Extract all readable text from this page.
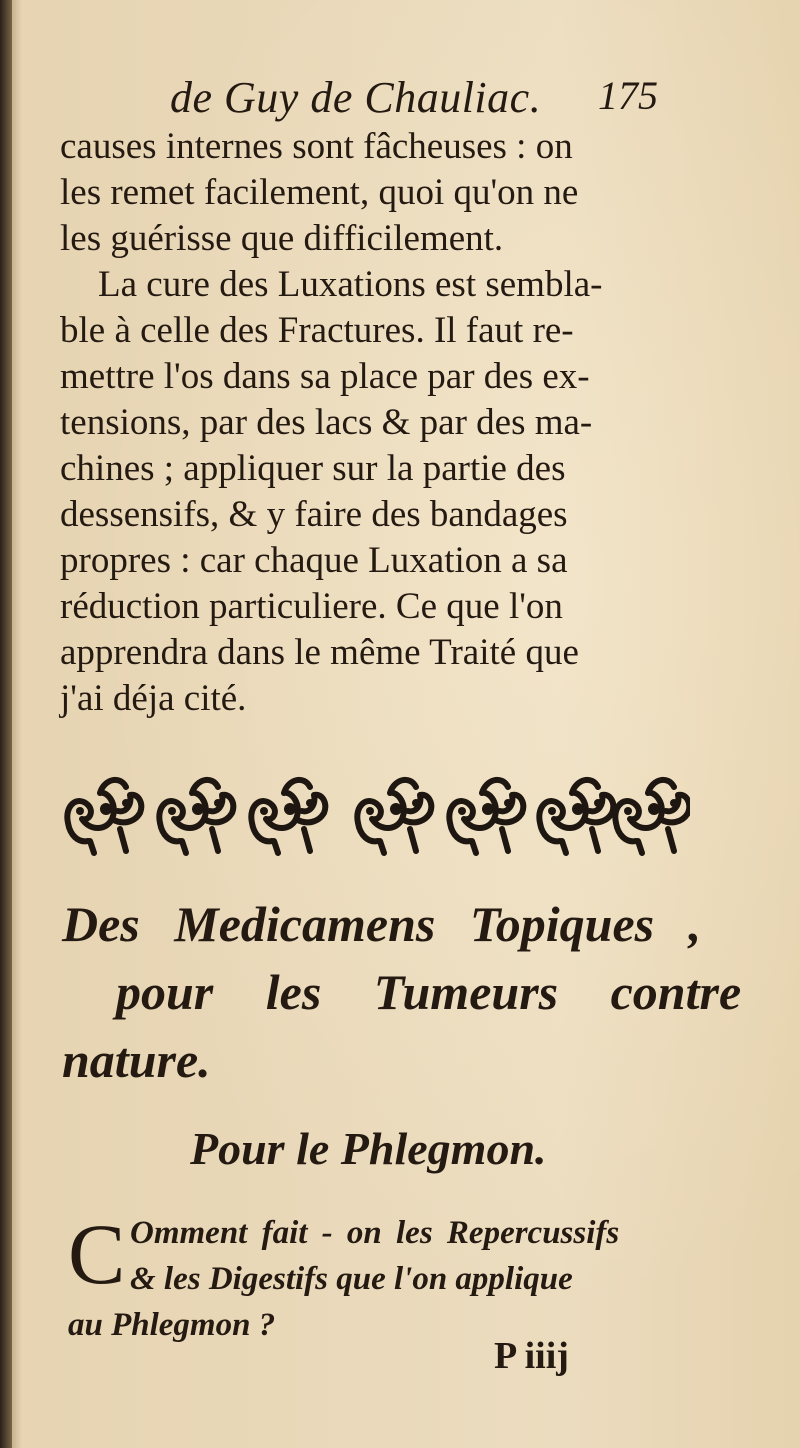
de Guy de Chauliac. 175
causes internes sont fâcheuses : on
les remet facilement, quoi qu'on ne
les guérisse que difficilement.
La cure des Luxations est sembla-
ble à celle des Fractures. Il faut re-
mettre l'os dans sa place par des ex-
tensions, par des lacs & par des ma-
chines ; appliquer sur la partie des
dessensifs, & y faire des bandages
propres : car chaque Luxation a sa
réduction particuliere. Ce que l'on
apprendra dans le même Traité que
j'ai déja cité.
Des Medicamens Topiques ,
pour les Tumeurs contre
nature.
Pour le Phlegmon.
C Omment fait - on les Repercussifs
& les Digestifs que l'on applique
au Phlegmon ?
P iiij
